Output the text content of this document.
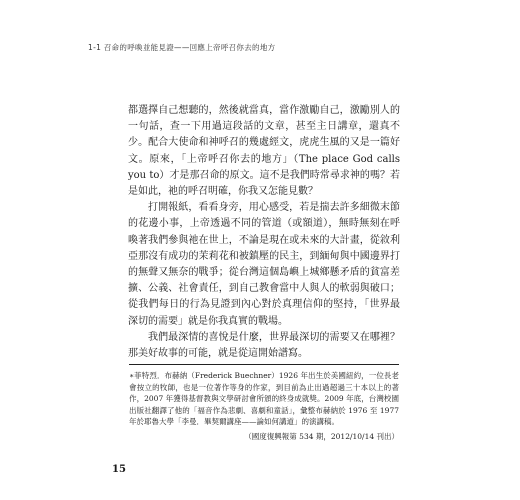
1-1 召命的呼喚並能見證——回應上帝呼召你去的地方

都選擇自己想聽的，然後就當真，當作激勵自己，激勵別人的一句話，查一下用過這段話的文章，甚至主日講章，還真不少。配合大使命和神呼召的幾處經文，虎虎生風的又是一篇好文。原來，「上帝呼召你去的地方」（The place God calls you to）才是那召命的原文。這不是我們時常尋求神的嗎？若是如此，祂的呼召明確，你我又怎能見數？

打開報紙，看看身旁，用心感受，若是揣去許多細微末節的花邊小事，上帝透過不同的管道（或額道），無時無刻在呼喚著我們參與祂在世上，不論是現在或未來的大計畫，從敘利亞那沒有成功的茉莉花和被鎮壓的民主，到緬甸與中國邊界打的無聲又無奈的戰爭；從台灣這個島嶼上城鄉懸矛盾的貧富差擴、公義、社會責任，到自己教會當中人與人的軟弱與破口；從我們每日的行為見證到內心對於真理信仰的堅持，「世界最深切的需要」就是你我真實的戰場。

我們最深情的喜悅是什麼，世界最深切的需要又在哪裡？那美好故事的可能，就是從這開始譜寫。

∗菲特烈．布赫納（Frederick Buechner）1926 年出生於美國紐約，一位長老會按立的牧師，也是一位著作等身的作家，到目前為止出過超過三十本以上的著作，2007 年獲得基督教與文學研討會所頒的終身成就獎。2009 年底，台灣校園出版社翻譯了他的「福音作為悲劇、喜劇和童話」，彙整布赫納於 1976 至 1977 年於耶魯大學「李曼．畢契爾講座——論如何講道」的演講稿。
（國度復興報第 534 期，2012/10/14 刊出）
15
